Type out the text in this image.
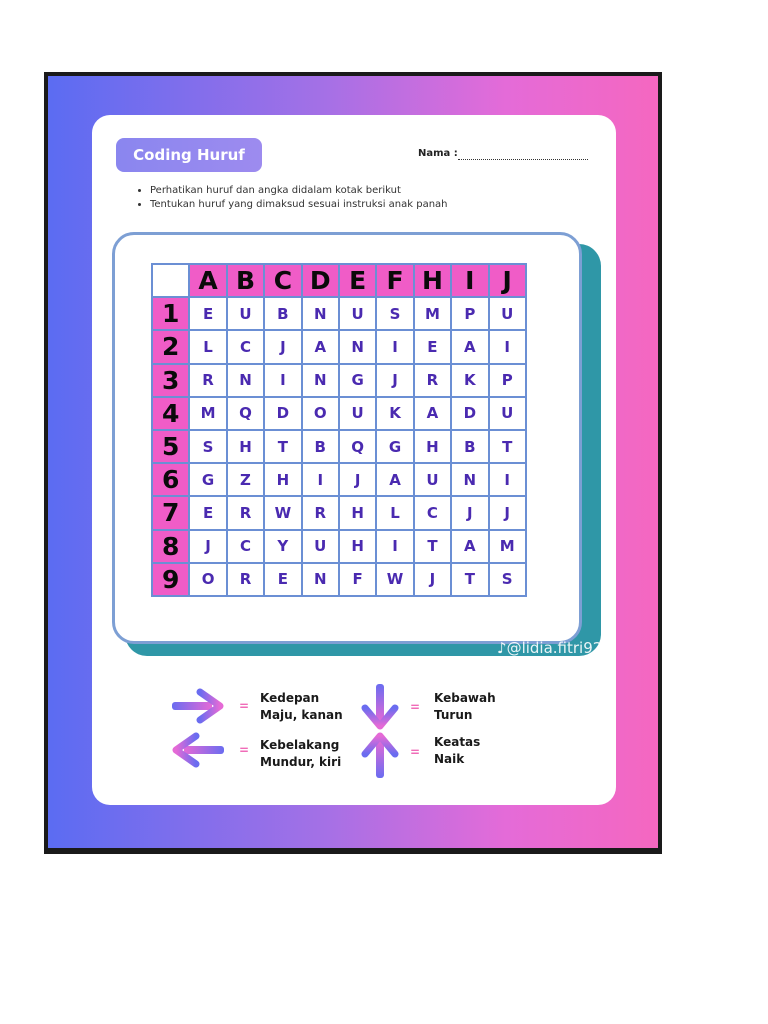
Coding Huruf	Nama :
• Perhatikan huruf dan angka didalam kotak berikut
• Tentukan huruf yang dimaksud sesuai instruksi anak panah
	A	B	C	D	E	F	H	I	J
1	E	U	B	N	U	S	M	P	U
2	L	C	J	A	N	I	E	A	I
3	R	N	I	N	G	J	R	K	P
4	M	Q	D	O	U	K	A	D	U
5	S	H	T	B	Q	G	H	B	T
6	G	Z	H	I	J	A	U	N	I
7	E	R	W	R	H	L	C	J	J
8	J	C	Y	U	H	I	T	A	M
9	O	R	E	N	F	W	J	T	S
♪@lidia.fitri922
=
Kedepan
Maju, kanan
= Kebelakang
Mundur, kiri
=
Kebawah
Turun
=
Keatas
Naik
